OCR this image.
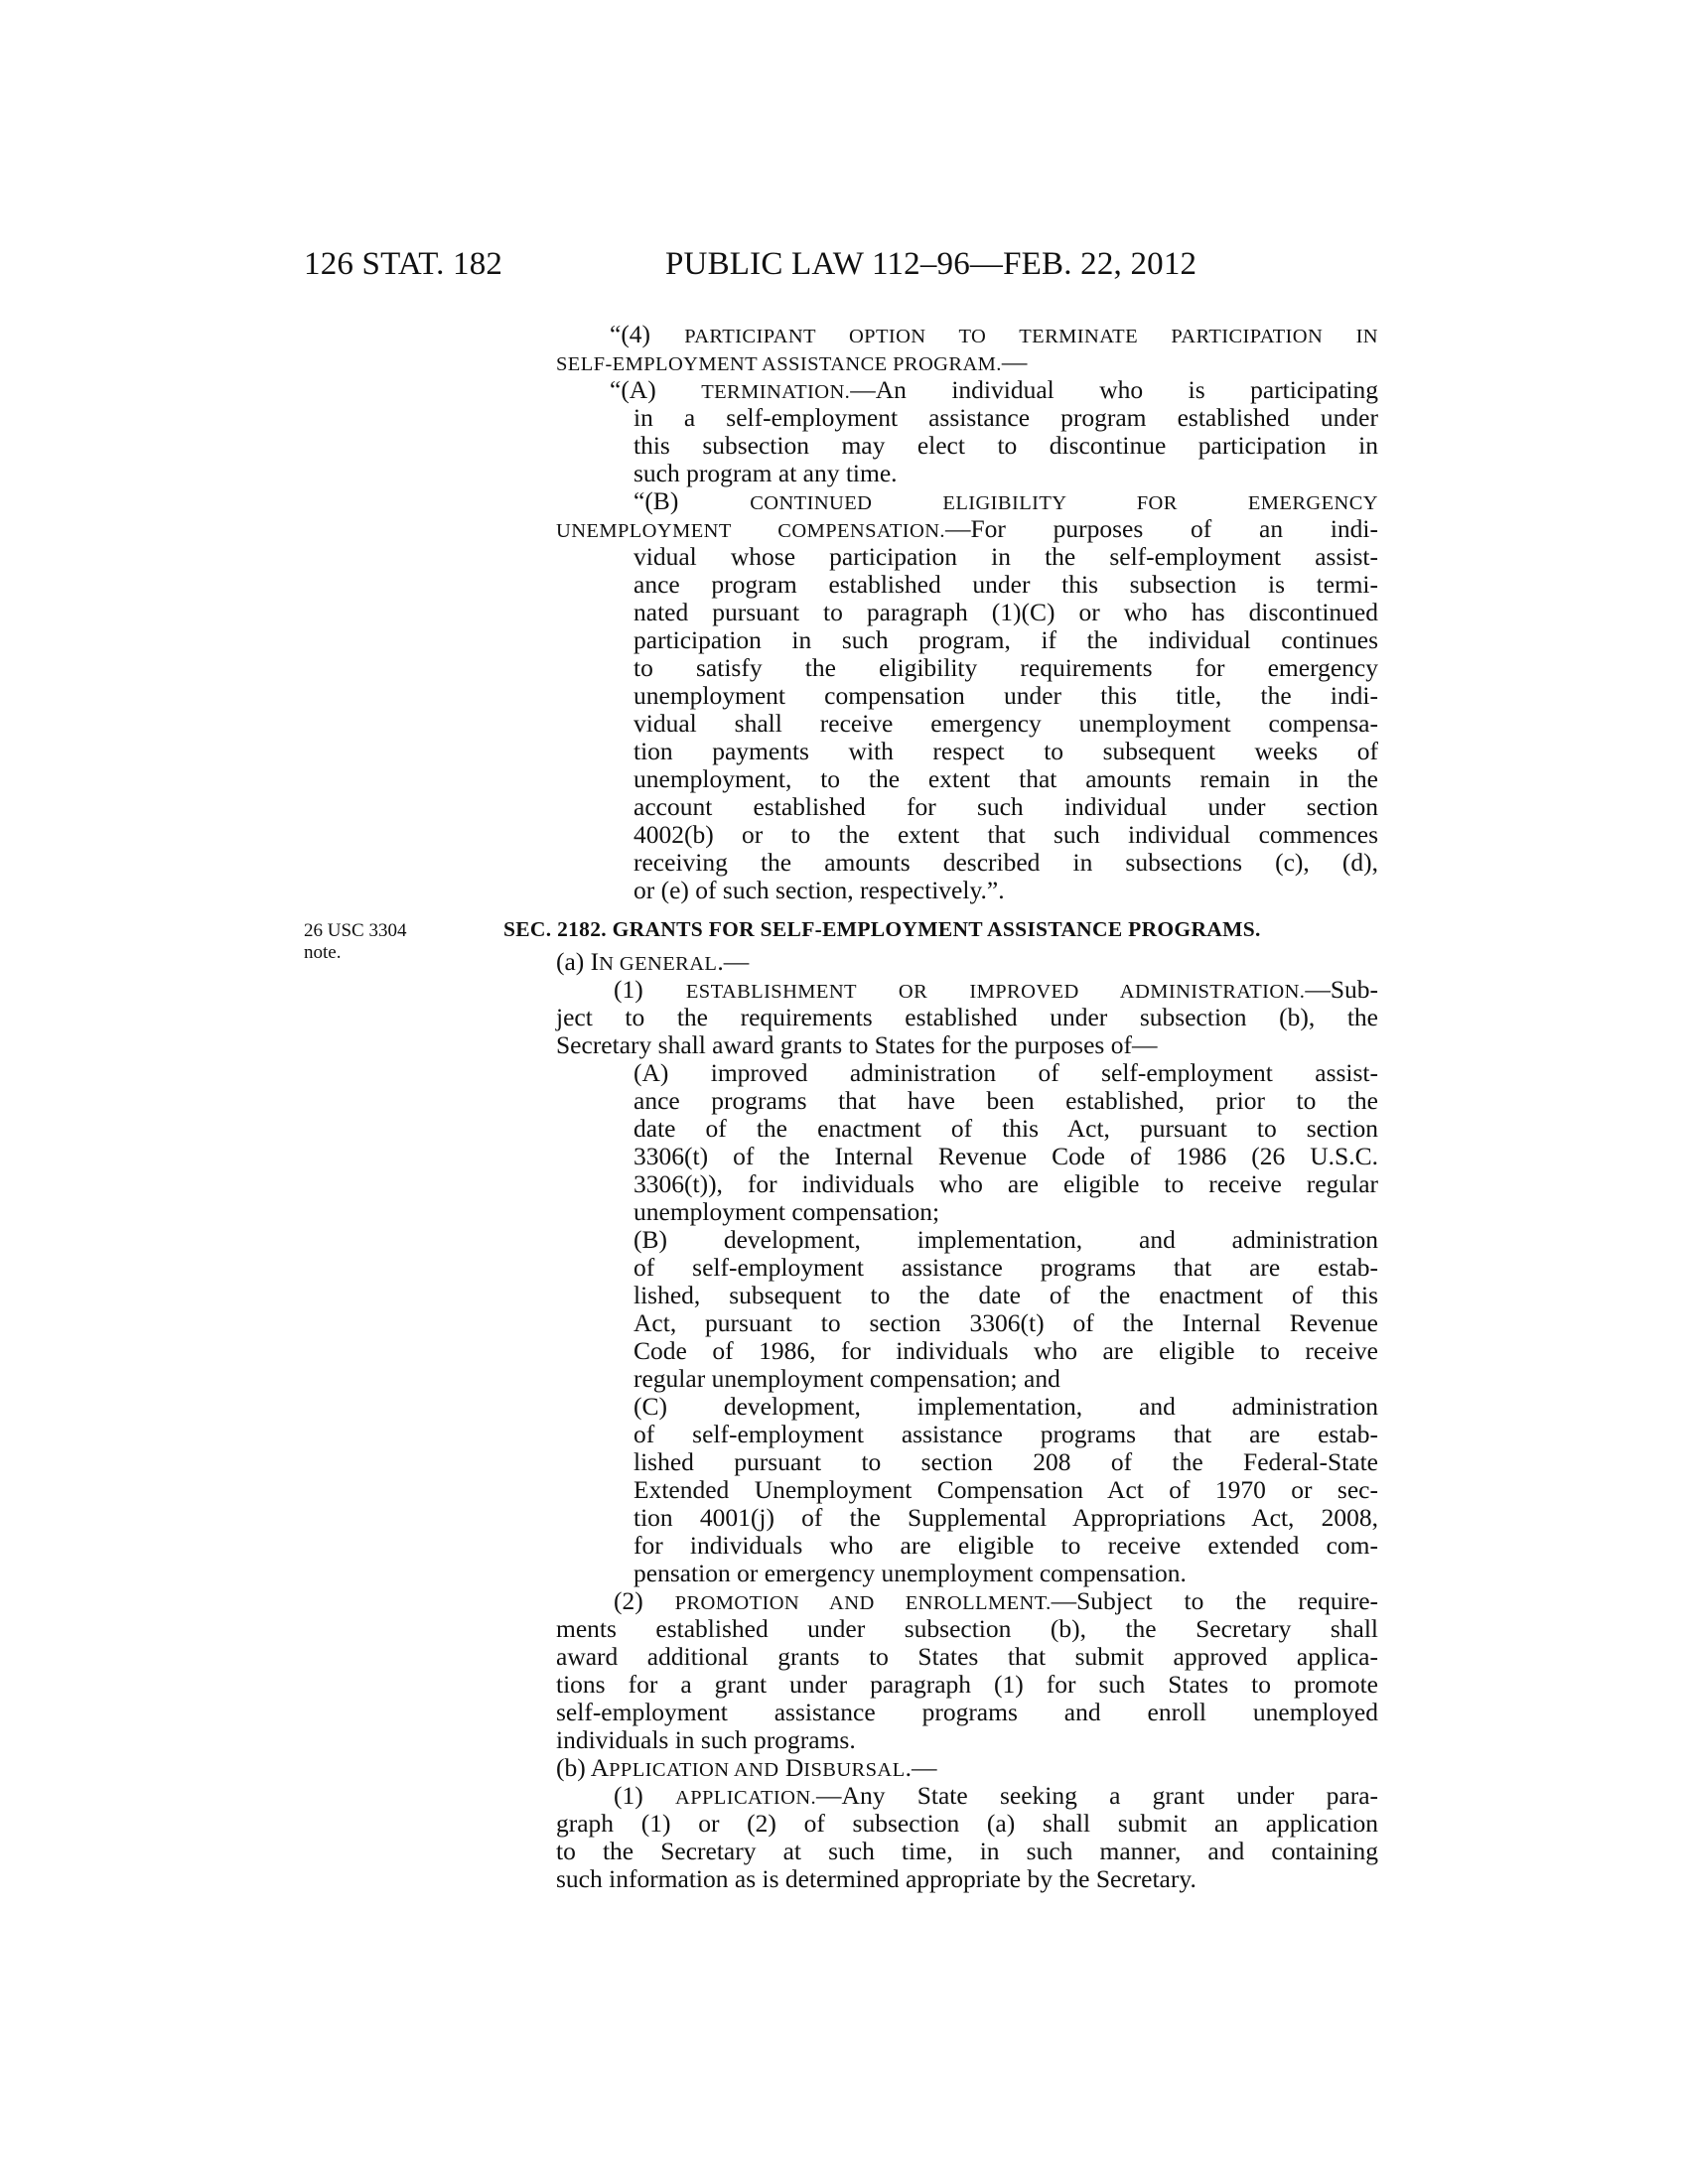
126 STAT. 182	PUBLIC LAW 112–96—FEB. 22, 2012
26 USC 3304
note.
SEC. 2182. GRANTS FOR SELF-EMPLOYMENT ASSISTANCE PROGRAMS.
“(4) PARTICIPANT OPTION TO TERMINATE PARTICIPATION IN
SELF-EMPLOYMENT ASSISTANCE PROGRAM.—
“(A) TERMINATION.—An individual who is participating
in a self-employment assistance program established under
this subsection may elect to discontinue participation in
such program at any time.
“(B) CONTINUED ELIGIBILITY FOR EMERGENCY
UNEMPLOYMENT COMPENSATION.—For purposes of an indi-
vidual whose participation in the self-employment assist-
ance program established under this subsection is termi-
nated pursuant to paragraph (1)(C) or who has discontinued
participation in such program, if the individual continues
to satisfy the eligibility requirements for emergency
unemployment compensation under this title, the indi-
vidual shall receive emergency unemployment compensa-
tion payments with respect to subsequent weeks of
unemployment, to the extent that amounts remain in the
account established for such individual under section
4002(b) or to the extent that such individual commences
receiving the amounts described in subsections (c), (d),
or (e) of such section, respectively.”.
(a) IN GENERAL.—
(1) ESTABLISHMENT OR IMPROVED ADMINISTRATION.—Sub-
ject to the requirements established under subsection (b), the
Secretary shall award grants to States for the purposes of—
(A) improved administration of self-employment assist-
ance programs that have been established, prior to the
date of the enactment of this Act, pursuant to section
3306(t) of the Internal Revenue Code of 1986 (26 U.S.C.
3306(t)), for individuals who are eligible to receive regular
unemployment compensation;
(B) development, implementation, and administration
of self-employment assistance programs that are estab-
lished, subsequent to the date of the enactment of this
Act, pursuant to section 3306(t) of the Internal Revenue
Code of 1986, for individuals who are eligible to receive
regular unemployment compensation; and
(C) development, implementation, and administration
of self-employment assistance programs that are estab-
lished pursuant to section 208 of the Federal-State
Extended Unemployment Compensation Act of 1970 or sec-
tion 4001(j) of the Supplemental Appropriations Act, 2008,
for individuals who are eligible to receive extended com-
pensation or emergency unemployment compensation.
(2) PROMOTION AND ENROLLMENT.—Subject to the require-
ments established under subsection (b), the Secretary shall
award additional grants to States that submit approved applica-
tions for a grant under paragraph (1) for such States to promote
self-employment assistance programs and enroll unemployed
individuals in such programs.
(b) APPLICATION AND DISBURSAL.—
(1) APPLICATION.—Any State seeking a grant under para-
graph (1) or (2) of subsection (a) shall submit an application
to the Secretary at such time, in such manner, and containing
such information as is determined appropriate by the Secretary.
